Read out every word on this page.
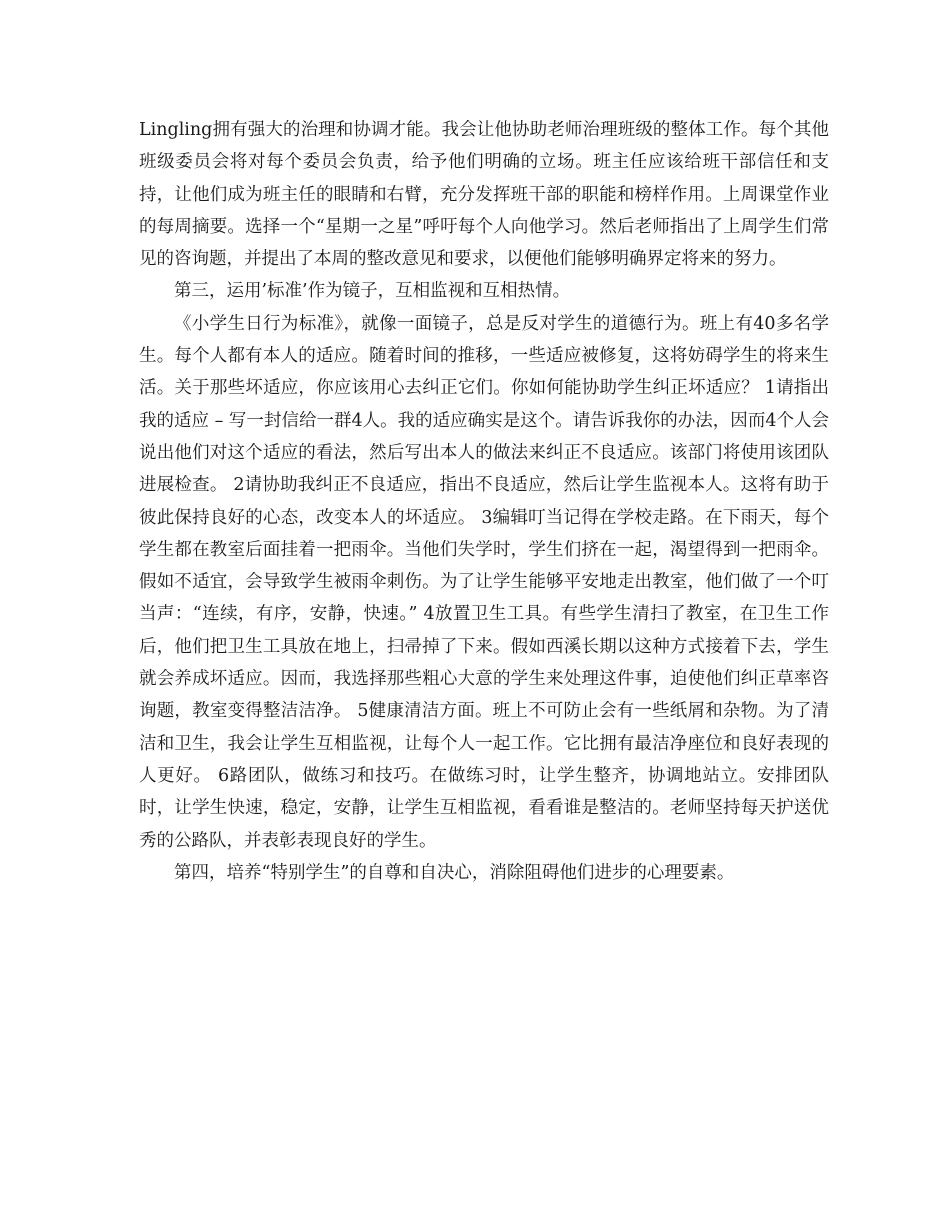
Lingling拥有强大的治理和协调才能。我会让他协助老师治理班级的整体工作。每个其他班级委员会将对每个委员会负责，给予他们明确的立场。班主任应该给班干部信任和支持，让他们成为班主任的眼睛和右臂，充分发挥班干部的职能和榜样作用。上周课堂作业的每周摘要。选择一个“星期一之星”呼吁每个人向他学习。然后老师指出了上周学生们常见的咨询题，并提出了本周的整改意见和要求，以便他们能够明确界定将来的努力。

第三，运用’标准’作为镜子，互相监视和互相热情。

《小学生日行为标准》，就像一面镜子，总是反对学生的道德行为。班上有40多名学生。每个人都有本人的适应。随着时间的推移，一些适应被修复，这将妨碍学生的将来生活。关于那些坏适应，你应该用心去纠正它们。你如何能协助学生纠正坏适应？ 1请指出我的适应 – 写一封信给一群4人。我的适应确实是这个。请告诉我你的办法，因而4个人会说出他们对这个适应的看法，然后写出本人的做法来纠正不良适应。该部门将使用该团队进展检查。 2请协助我纠正不良适应，指出不良适应，然后让学生监视本人。这将有助于彼此保持良好的心态，改变本人的坏适应。 3编辑叮当记得在学校走路。在下雨天，每个学生都在教室后面挂着一把雨伞。当他们失学时，学生们挤在一起，渴望得到一把雨伞。假如不适宜，会导致学生被雨伞刺伤。为了让学生能够平安地走出教室，他们做了一个叮当声：“连续，有序，安静，快速。” 4放置卫生工具。有些学生清扫了教室，在卫生工作后，他们把卫生工具放在地上，扫帚掉了下来。假如西溪长期以这种方式接着下去，学生就会养成坏适应。因而，我选择那些粗心大意的学生来处理这件事，迫使他们纠正草率咨询题，教室变得整洁洁净。 5健康清洁方面。班上不可防止会有一些纸屑和杂物。为了清洁和卫生，我会让学生互相监视，让每个人一起工作。它比拥有最洁净座位和良好表现的人更好。 6路团队，做练习和技巧。在做练习时，让学生整齐，协调地站立。安排团队时，让学生快速，稳定，安静，让学生互相监视，看看谁是整洁的。老师坚持每天护送优秀的公路队，并表彰表现良好的学生。

第四，培养“特别学生”的自尊和自决心，消除阻碍他们进步的心理要素。
